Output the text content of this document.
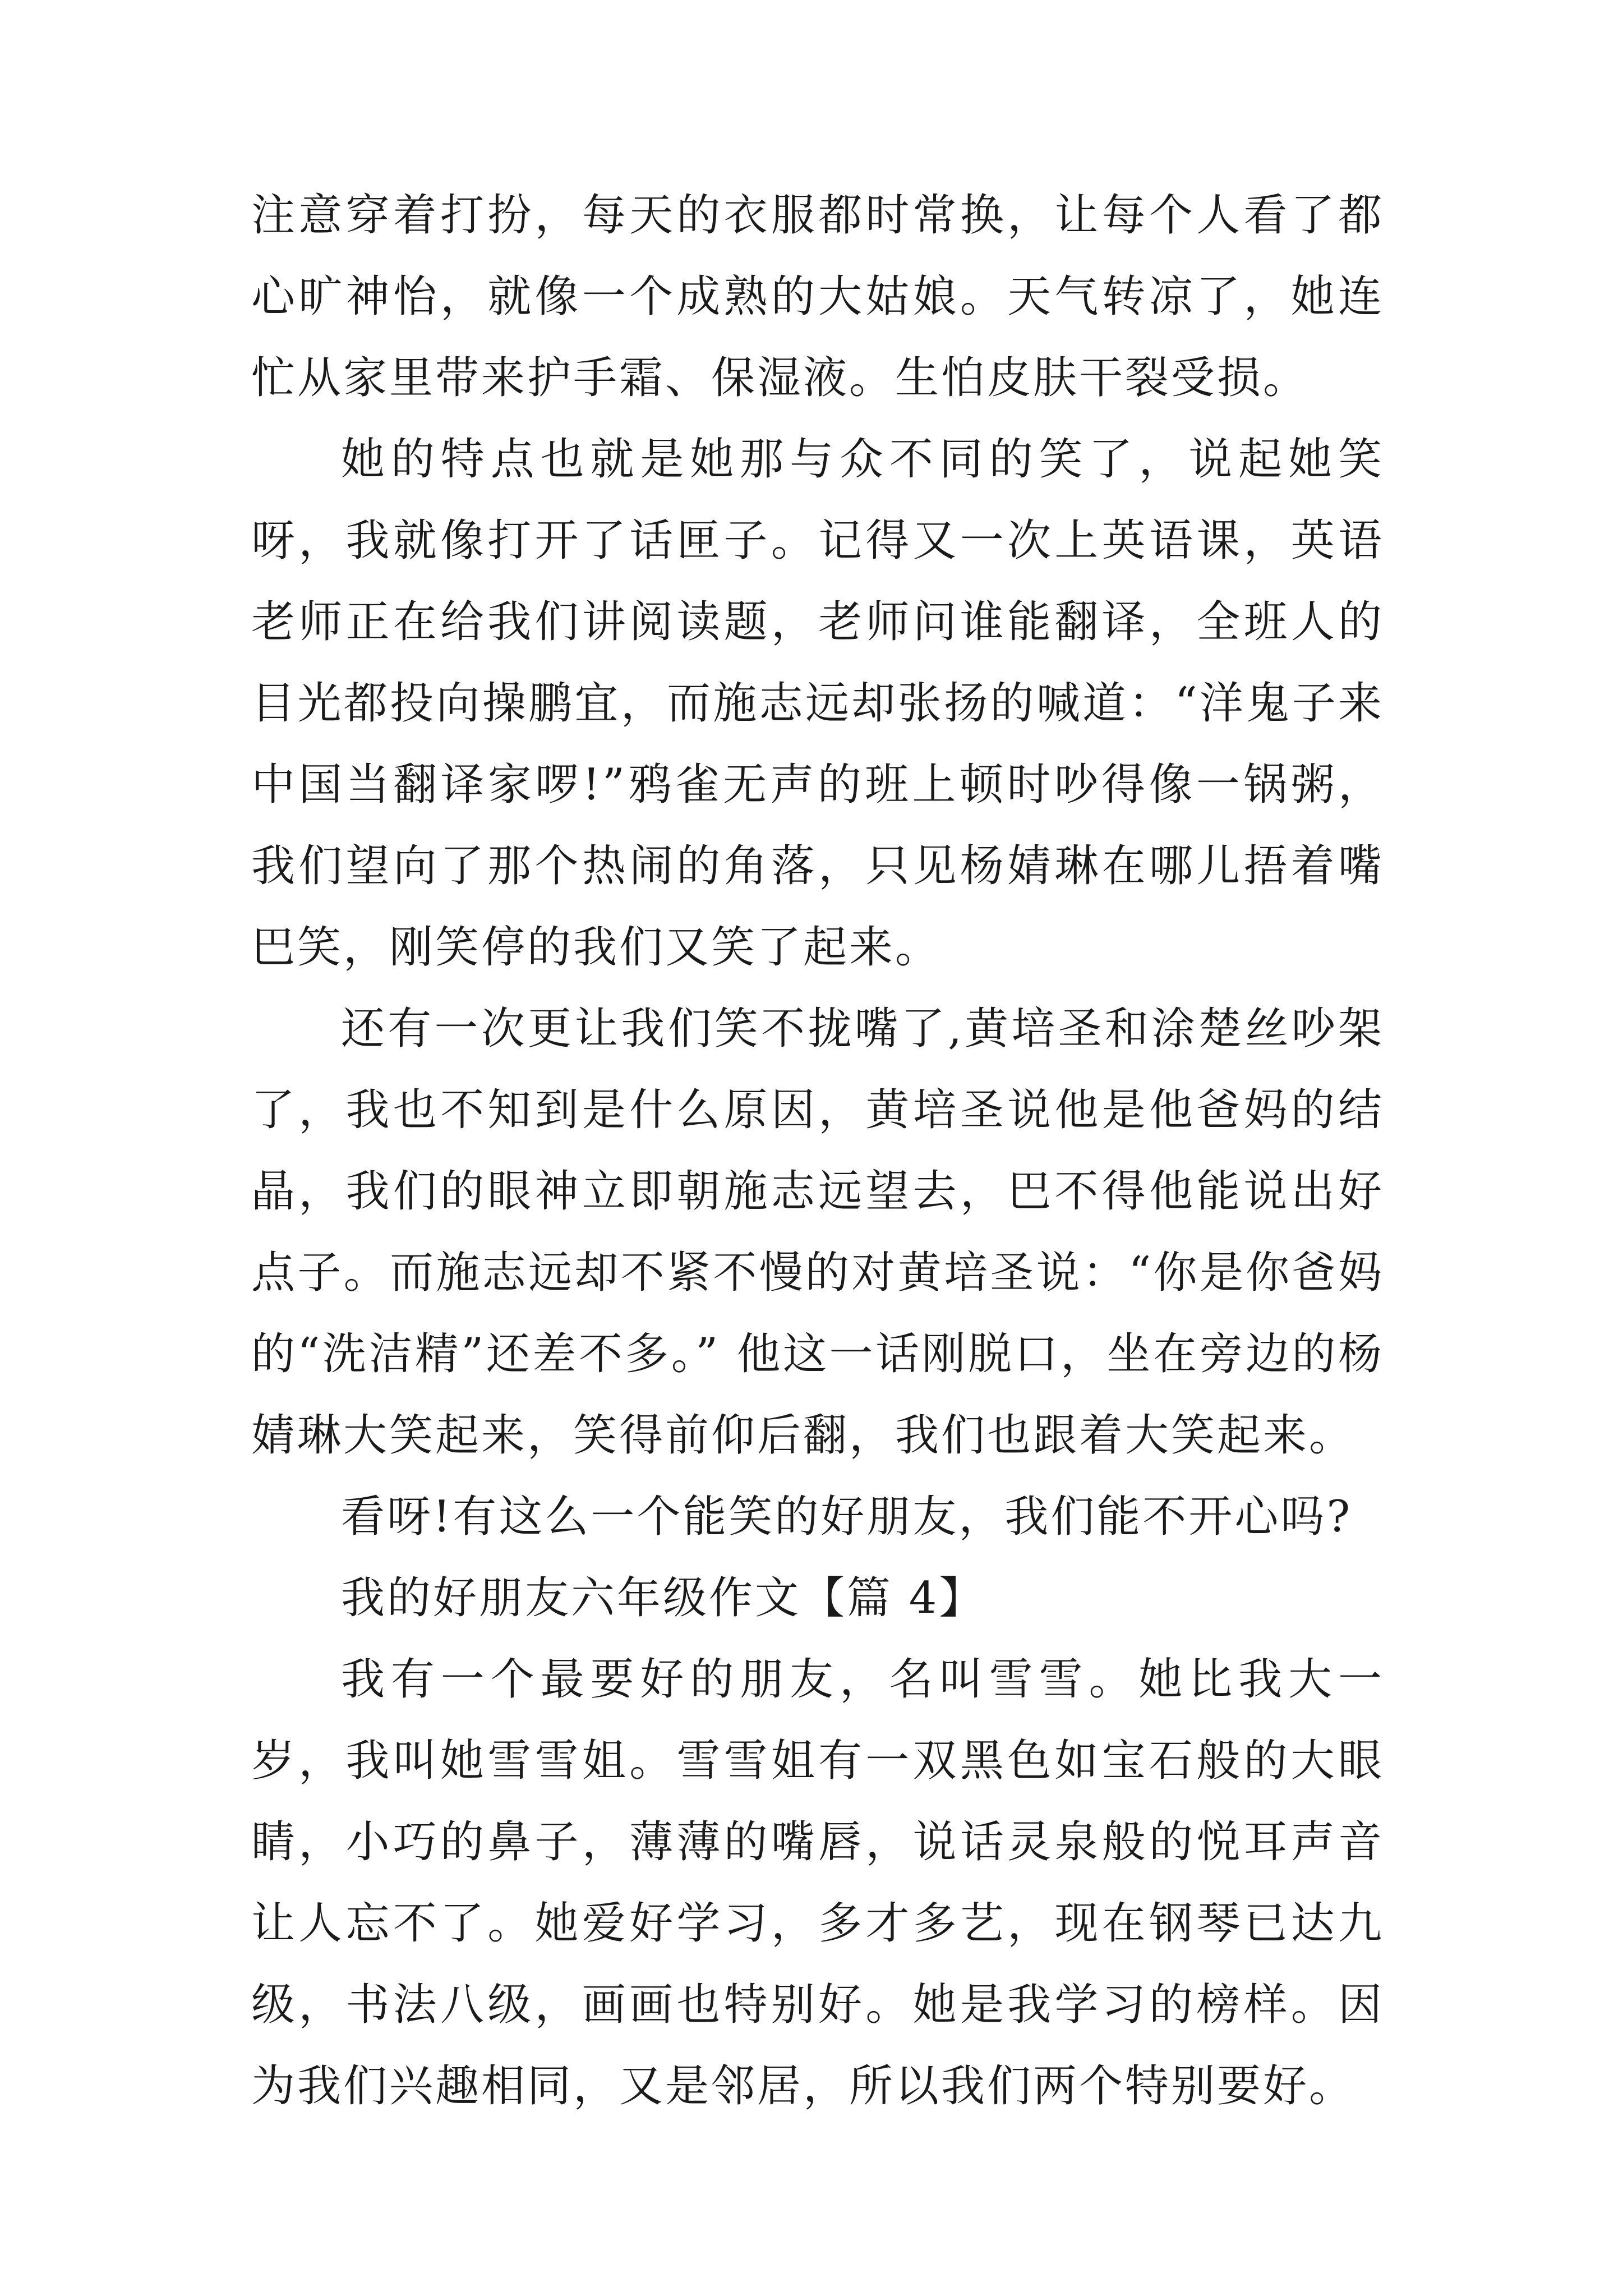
注意穿着打扮，每天的衣服都时常换，让每个人看了都心旷神怡，就像一个成熟的大姑娘。天气转凉了，她连忙从家里带来护手霜、保湿液。生怕皮肤干裂受损。

她的特点也就是她那与众不同的笑了，说起她笑呀，我就像打开了话匣子。记得又一次上英语课，英语老师正在给我们讲阅读题，老师问谁能翻译，全班人的目光都投向操鹏宜，而施志远却张扬的喊道：“洋鬼子来中国当翻译家啰!”鸦雀无声的班上顿时吵得像一锅粥，我们望向了那个热闹的角落，只见杨婧琳在哪儿捂着嘴巴笑，刚笑停的我们又笑了起来。

还有一次更让我们笑不拢嘴了,黄培圣和涂楚丝吵架了，我也不知到是什么原因，黄培圣说他是他爸妈的结晶，我们的眼神立即朝施志远望去，巴不得他能说出好点子。而施志远却不紧不慢的对黄培圣说：“你是你爸妈的“洗洁精”还差不多。” 他这一话刚脱口，坐在旁边的杨婧琳大笑起来，笑得前仰后翻，我们也跟着大笑起来。

看呀!有这么一个能笑的好朋友，我们能不开心吗?

我的好朋友六年级作文【篇 4】

我有一个最要好的朋友，名叫雪雪。她比我大一岁，我叫她雪雪姐。雪雪姐有一双黑色如宝石般的大眼睛，小巧的鼻子，薄薄的嘴唇，说话灵泉般的悦耳声音让人忘不了。她爱好学习，多才多艺，现在钢琴已达九级，书法八级，画画也特别好。她是我学习的榜样。因为我们兴趣相同，又是邻居，所以我们两个特别要好。
